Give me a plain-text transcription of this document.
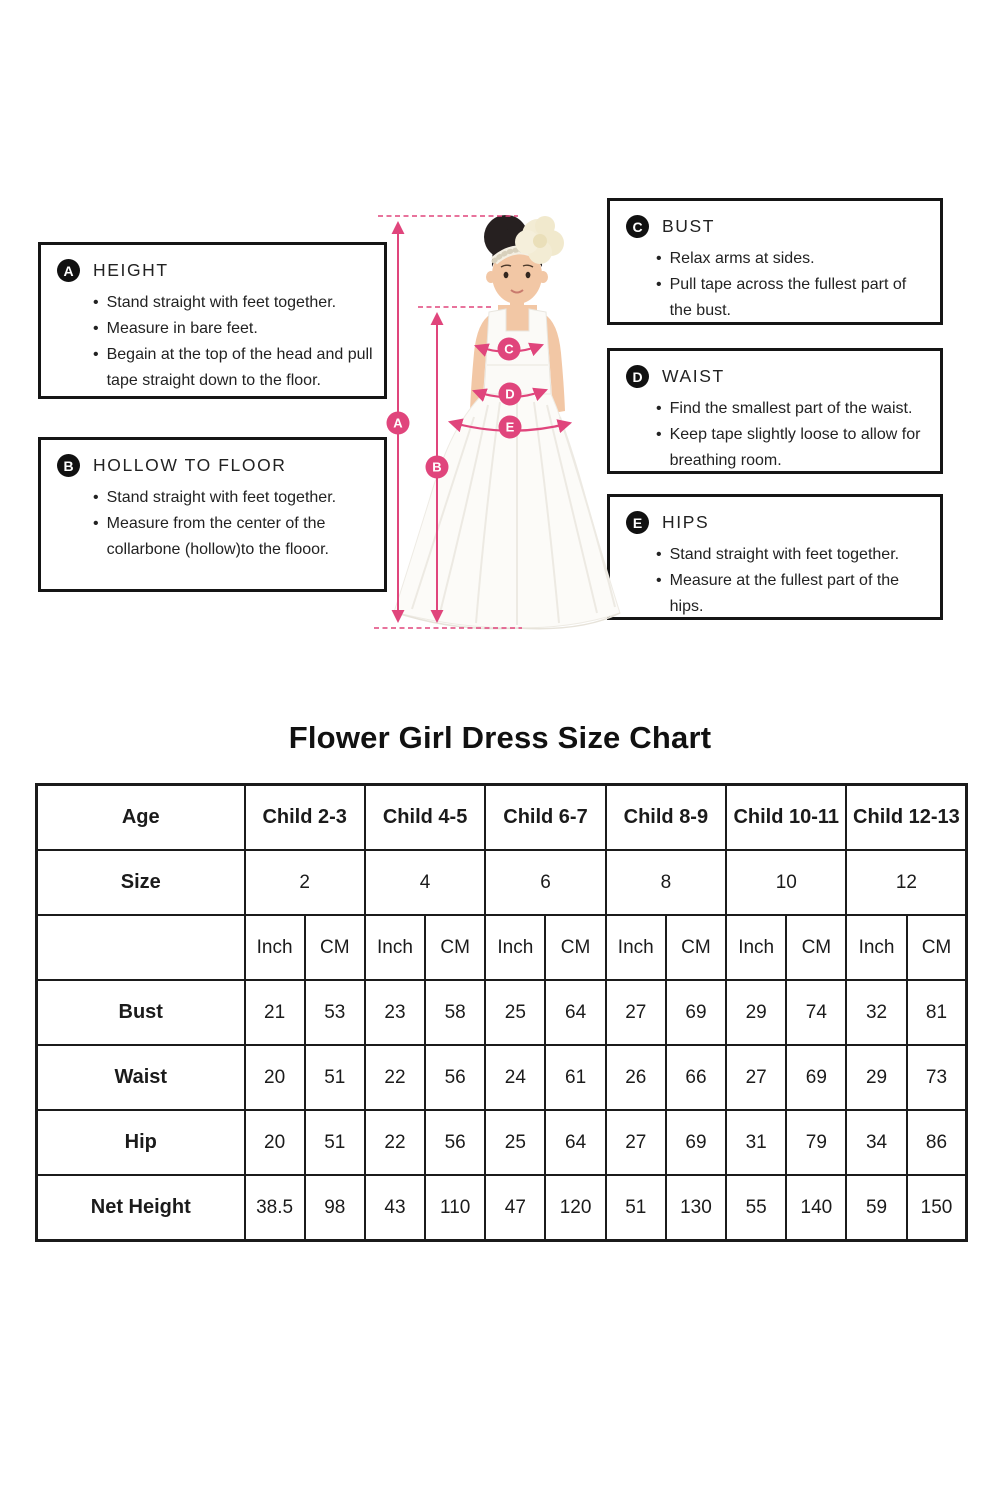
A	HEIGHT
• Stand straight with feet together.
• Measure in bare feet.
• Begain at the top of the head and pull tape straight down to the floor.
B	HOLLOW TO FLOOR
• Stand straight with feet together.
• Measure from the center of the collarbone (hollow)to the flooor.
C	BUST
• Relax arms at sides.
• Pull tape across the fullest part of the bust.
D	WAIST
• Find the smallest part of the waist.
• Keep tape slightly loose to allow for breathing room.
E	HIPS
• Stand straight with feet together.
• Measure at the fullest part of the hips.
A
B
C
D
E
Flower Girl Dress Size Chart
Age	Child 2-3		Child 4-5		Child 6-7		Child 8-9		Child 10-11		Child 12-13	
Size	2		4		6		8		10		12	
	Inch	CM	Inch	CM	Inch	CM	Inch	CM	Inch	CM	Inch	CM
Bust	21	53	23	58	25	64	27	69	29	74	32	81
Waist	20	51	22	56	24	61	26	66	27	69	29	73
Hip	20	51	22	56	25	64	27	69	31	79	34	86
Net Height	38.5	98	43	110	47	120	51	130	55	140	59	150
